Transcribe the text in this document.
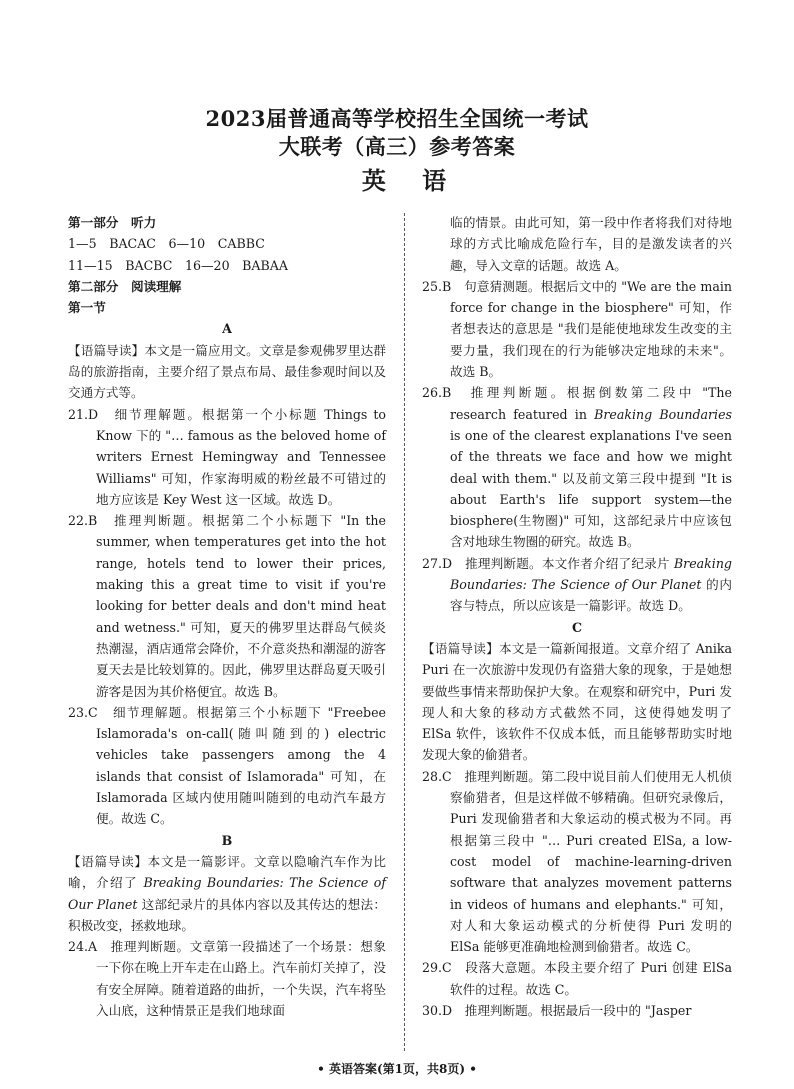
2023届普通高等学校招生全国统一考试
大联考（高三）参考答案
英 语

第一部分　听力

1—5　BACAC　6—10　CABBC

11—15　BACBC　16—20　BABAA

第二部分　阅读理解

第一节

A

【语篇导读】本文是一篇应用文。文章是参观佛罗里达群岛的旅游指南，主要介绍了景点布局、最佳参观时间以及交通方式等。

21.D　细节理解题。根据第一个小标题 Things to Know 下的 "… famous as the beloved home of writers Ernest Hemingway and Tennessee Williams" 可知，作家海明威的粉丝最不可错过的地方应该是 Key West 这一区域。故选 D。

22.B　推理判断题。根据第二个小标题下 "In the summer, when temperatures get into the hot range, hotels tend to lower their prices, making this a great time to visit if you're looking for better deals and don't mind heat and wetness." 可知，夏天的佛罗里达群岛气候炎热潮湿，酒店通常会降价，不介意炎热和潮湿的游客夏天去是比较划算的。因此，佛罗里达群岛夏天吸引游客是因为其价格便宜。故选 B。

23.C　细节理解题。根据第三个小标题下 "Freebee Islamorada's on-call(随叫随到的) electric vehicles take passengers among the 4 islands that consist of Islamorada" 可知，在 Islamorada 区域内使用随叫随到的电动汽车最方便。故选 C。

B

【语篇导读】本文是一篇影评。文章以隐喻汽车作为比喻，介绍了 Breaking Boundaries: The Science of Our Planet 这部纪录片的具体内容以及其传达的想法：积极改变，拯救地球。

24.A　推理判断题。文章第一段描述了一个场景：想象一下你在晚上开车走在山路上。汽车前灯关掉了，没有安全屏障。随着道路的曲折，一个失误，汽车将坠入山底，这种情景正是我们地球面

临的情景。由此可知，第一段中作者将我们对待地球的方式比喻成危险行车，目的是激发读者的兴趣，导入文章的话题。故选 A。

25.B　句意猜测题。根据后文中的 "We are the main force for change in the biosphere" 可知，作者想表达的意思是 "我们是能使地球发生改变的主要力量，我们现在的行为能够决定地球的未来"。故选 B。

26.B　推理判断题。根据倒数第二段中 "The research featured in Breaking Boundaries is one of the clearest explanations I've seen of the threats we face and how we might deal with them." 以及前文第三段中提到 "It is about Earth's life support system—the biosphere(生物圈)" 可知，这部纪录片中应该包含对地球生物圈的研究。故选 B。

27.D　推理判断题。本文作者介绍了纪录片 Breaking Boundaries: The Science of Our Planet 的内容与特点，所以应该是一篇影评。故选 D。

C

【语篇导读】本文是一篇新闻报道。文章介绍了 Anika Puri 在一次旅游中发现仍有盗猎大象的现象，于是她想要做些事情来帮助保护大象。在观察和研究中，Puri 发现人和大象的移动方式截然不同，这使得她发明了 ElSa 软件，该软件不仅成本低，而且能够帮助实时地发现大象的偷猎者。

28.C　推理判断题。第二段中说目前人们使用无人机侦察偷猎者，但是这样做不够精确。但研究录像后，Puri 发现偷猎者和大象运动的模式极为不同。再根据第三段中 "… Puri created ElSa, a low-cost model of machine-learning-driven software that analyzes movement patterns in videos of humans and elephants." 可知，对人和大象运动模式的分析使得 Puri 发明的 ElSa 能够更准确地检测到偷猎者。故选 C。

29.C　段落大意题。本段主要介绍了 Puri 创建 ElSa 软件的过程。故选 C。

30.D　推理判断题。根据最后一段中的 "Jasper

• 英语答案(第1页，共8页) •
